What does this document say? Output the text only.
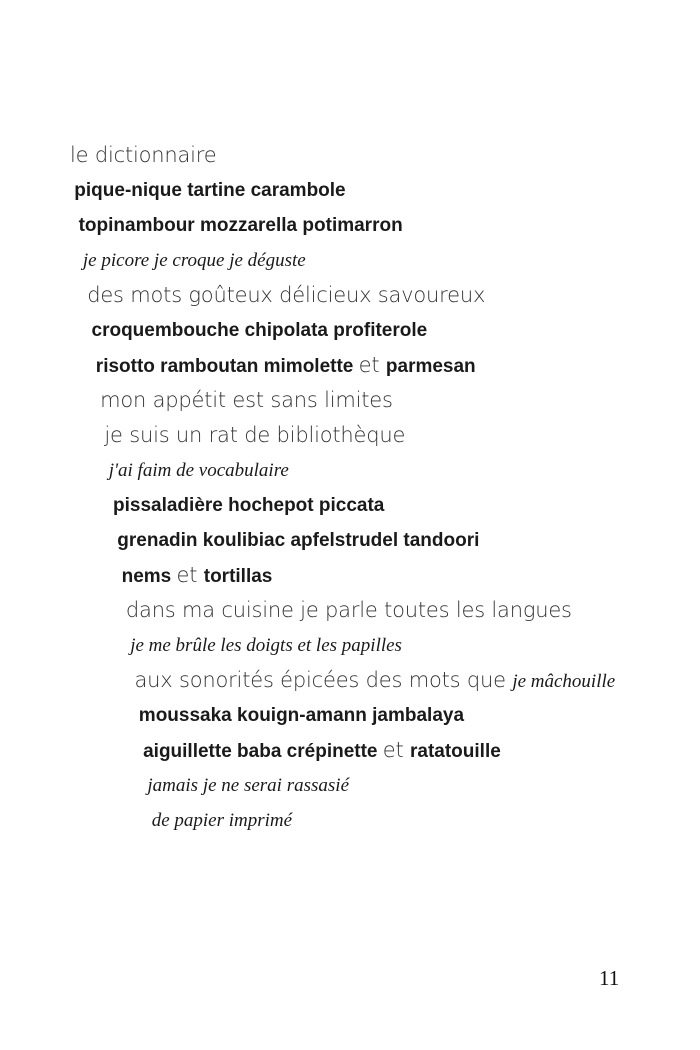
le dictionnaire
pique-nique tartine carambole
topinambour mozzarella potimarron
je picore je croque je déguste
des mots goûteux délicieux savoureux
croquembouche chipolata profiterole
risotto ramboutan mimolette et parmesan
mon appétit est sans limites
je suis un rat de bibliothèque
j'ai faim de vocabulaire
pissaladière hochepot piccata
grenadin koulibiac apfelstrudel tandoori
nems et tortillas
dans ma cuisine je parle toutes les langues
je me brûle les doigts et les papilles
aux sonorités épicées des mots que je mâchouille
moussaka kouign-amann jambalaya
aiguillette baba crépinette et ratatouille
jamais je ne serai rassasié
de papier imprimé
11
